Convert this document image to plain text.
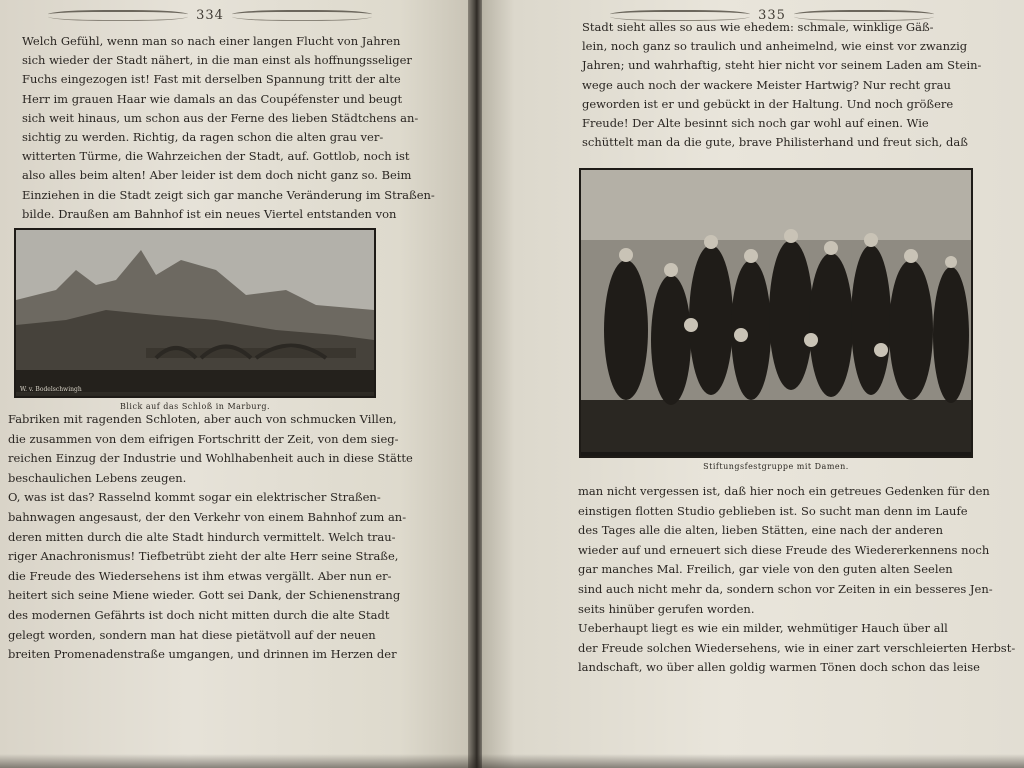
334
Welch Gefühl, wenn man so nach einer langen Flucht von Jahren
sich wieder der Stadt nähert, in die man einst als hoffnungsseliger
Fuchs eingezogen ist! Fast mit derselben Spannung tritt der alte
Herr im grauen Haar wie damals an das Coupéfenster und beugt
sich weit hinaus, um schon aus der Ferne des lieben Städtchens an-
sichtig zu werden. Richtig, da ragen schon die alten grau ver-
witterten Türme, die Wahrzeichen der Stadt, auf. Gottlob, noch ist
also alles beim alten! Aber leider ist dem doch nicht ganz so. Beim
Einziehen in die Stadt zeigt sich gar manche Veränderung im Straßen-
bilde. Draußen am Bahnhof ist ein neues Viertel entstanden von
W. v. Bodelschwingh
Blick auf das Schloß in Marburg.
Fabriken mit ragenden Schloten, aber auch von schmucken Villen,
die zusammen von dem eifrigen Fortschritt der Zeit, von dem sieg-
reichen Einzug der Industrie und Wohlhabenheit auch in diese Stätte
beschaulichen Lebens zeugen.
O, was ist das? Rasselnd kommt sogar ein elektrischer Straßen-
bahnwagen angesaust, der den Verkehr von einem Bahnhof zum an-
deren mitten durch die alte Stadt hindurch vermittelt. Welch trau-
riger Anachronismus! Tiefbetrübt zieht der alte Herr seine Straße,
die Freude des Wiedersehens ist ihm etwas vergällt. Aber nun er-
heitert sich seine Miene wieder. Gott sei Dank, der Schienenstrang
des modernen Gefährts ist doch nicht mitten durch die alte Stadt
gelegt worden, sondern man hat diese pietätvoll auf der neuen
breiten Promenadenstraße umgangen, und drinnen im Herzen der
335
Stadt sieht alles so aus wie ehedem: schmale, winklige Gäß-
lein, noch ganz so traulich und anheimelnd, wie einst vor zwanzig
Jahren; und wahrhaftig, steht hier nicht vor seinem Laden am Stein-
wege auch noch der wackere Meister Hartwig? Nur recht grau
geworden ist er und gebückt in der Haltung. Und noch größere
Freude! Der Alte besinnt sich noch gar wohl auf einen. Wie
schüttelt man da die gute, brave Philisterhand und freut sich, daß
Stiftungsfestgruppe mit Damen.
man nicht vergessen ist, daß hier noch ein getreues Gedenken für den
einstigen flotten Studio geblieben ist. So sucht man denn im Laufe
des Tages alle die alten, lieben Stätten, eine nach der anderen
wieder auf und erneuert sich diese Freude des Wiedererkennens noch
gar manches Mal. Freilich, gar viele von den guten alten Seelen
sind auch nicht mehr da, sondern schon vor Zeiten in ein besseres Jen-
seits hinüber gerufen worden.
Ueberhaupt liegt es wie ein milder, wehmütiger Hauch über all
der Freude solchen Wiedersehens, wie in einer zart verschleierten Herbst-
landschaft, wo über allen goldig warmen Tönen doch schon das leise
